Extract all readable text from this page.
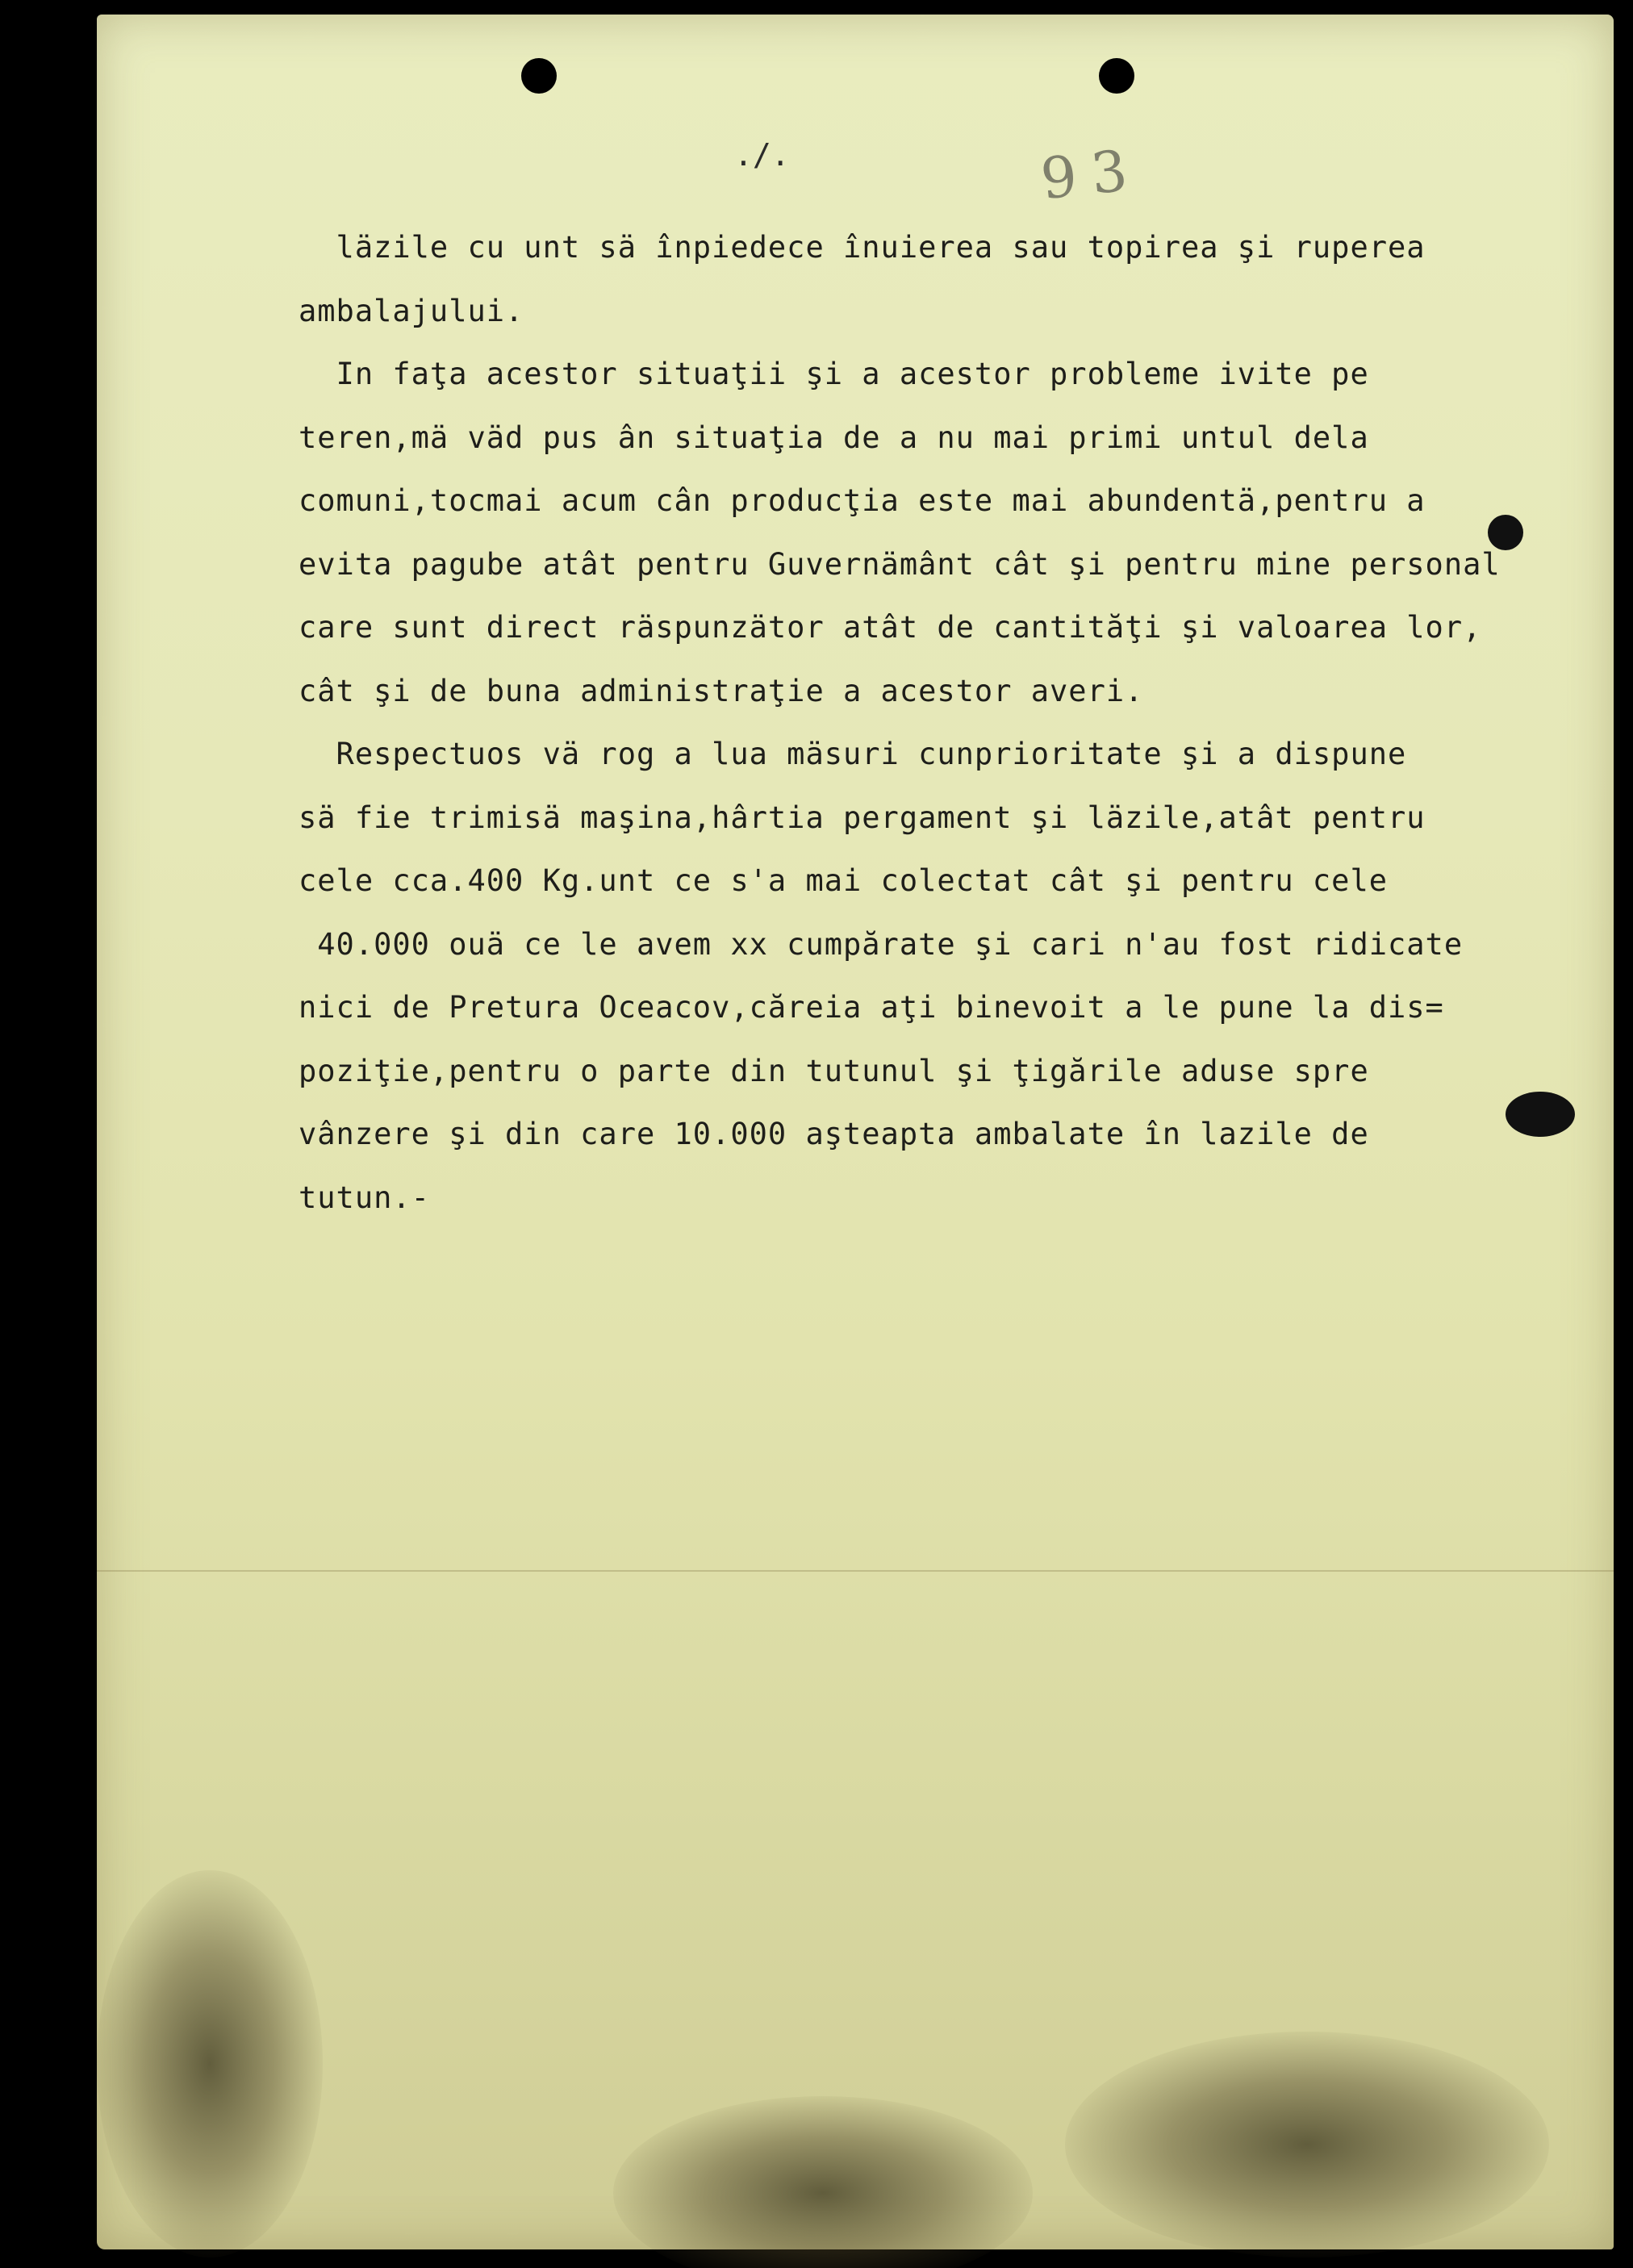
./.	93
läzile cu unt sä înpiedece înuierea sau topirea şi ruperea
ambalajului.
In faţa acestor situaţii şi a acestor probleme ivite pe
teren,mä väd pus ân situaţia de a nu mai primi untul dela
comuni,tocmai acum cân producţia este mai abundentä,pentru a
evita pagube atât pentru Guvernämânt cât şi pentru mine personal
care sunt direct räspunzätor atât de cantităţi şi valoarea lor,
cât şi de buna administraţie a acestor averi.
Respectuos vä rog a lua mäsuri cunprioritate şi a dispune
sä fie trimisä maşina,hârtia pergament şi läzile,atât pentru
cele cca.400 Kg.unt ce s'a mai colectat cât şi pentru cele
40.000 ouä ce le avem xx cumpărate şi cari n'au fost ridicate
nici de Pretura Oceacov,căreia aţi binevoit a le pune la dis=
poziţie,pentru o parte din tutunul şi ţigărіle aduse spre
vânzere şi din care 10.000 aşteapta ambalate în lazile de
tutun.-
